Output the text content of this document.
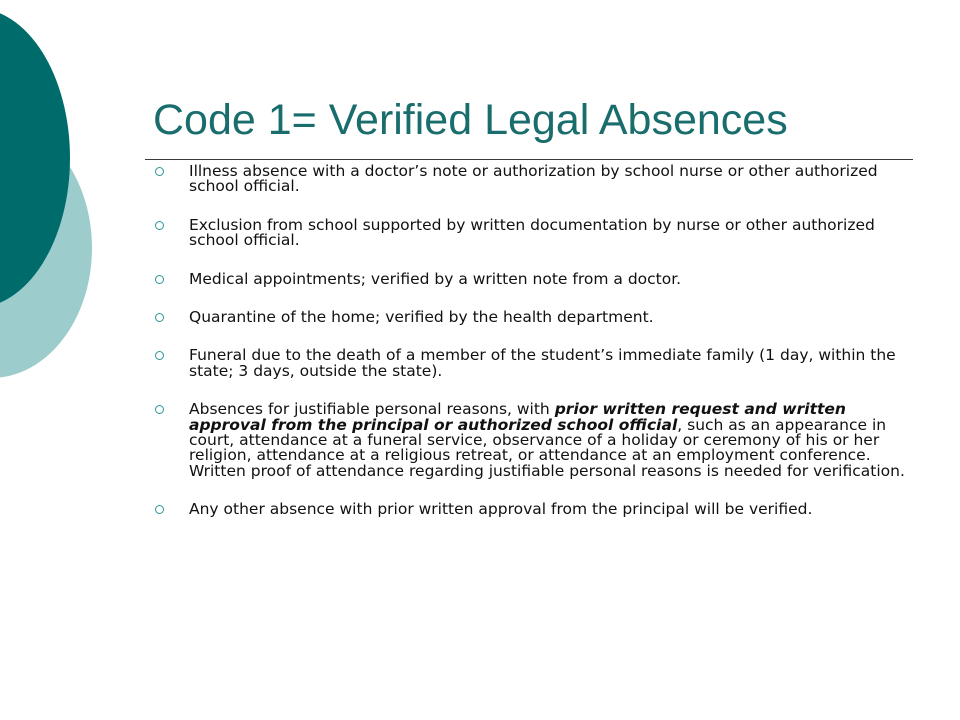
Code 1= Verified Legal Absences
Illness absence with a doctor’s note or authorization by school nurse or other authorized school official.
Exclusion from school supported by written documentation by nurse or other authorized school official.
Medical appointments; verified by a written note from a doctor.
Quarantine of the home; verified by the health department.
Funeral due to the death of a member of the student’s immediate family (1 day, within the state; 3 days, outside the state).
Absences for justifiable personal reasons, with prior written request and written approval from the principal or authorized school official, such as an appearance in court, attendance at a funeral service, observance of a holiday or ceremony of his or her religion, attendance at a religious retreat, or attendance at an employment conference. Written proof of attendance regarding justifiable personal reasons is needed for verification.
Any other absence with prior written approval from the principal will be verified.
